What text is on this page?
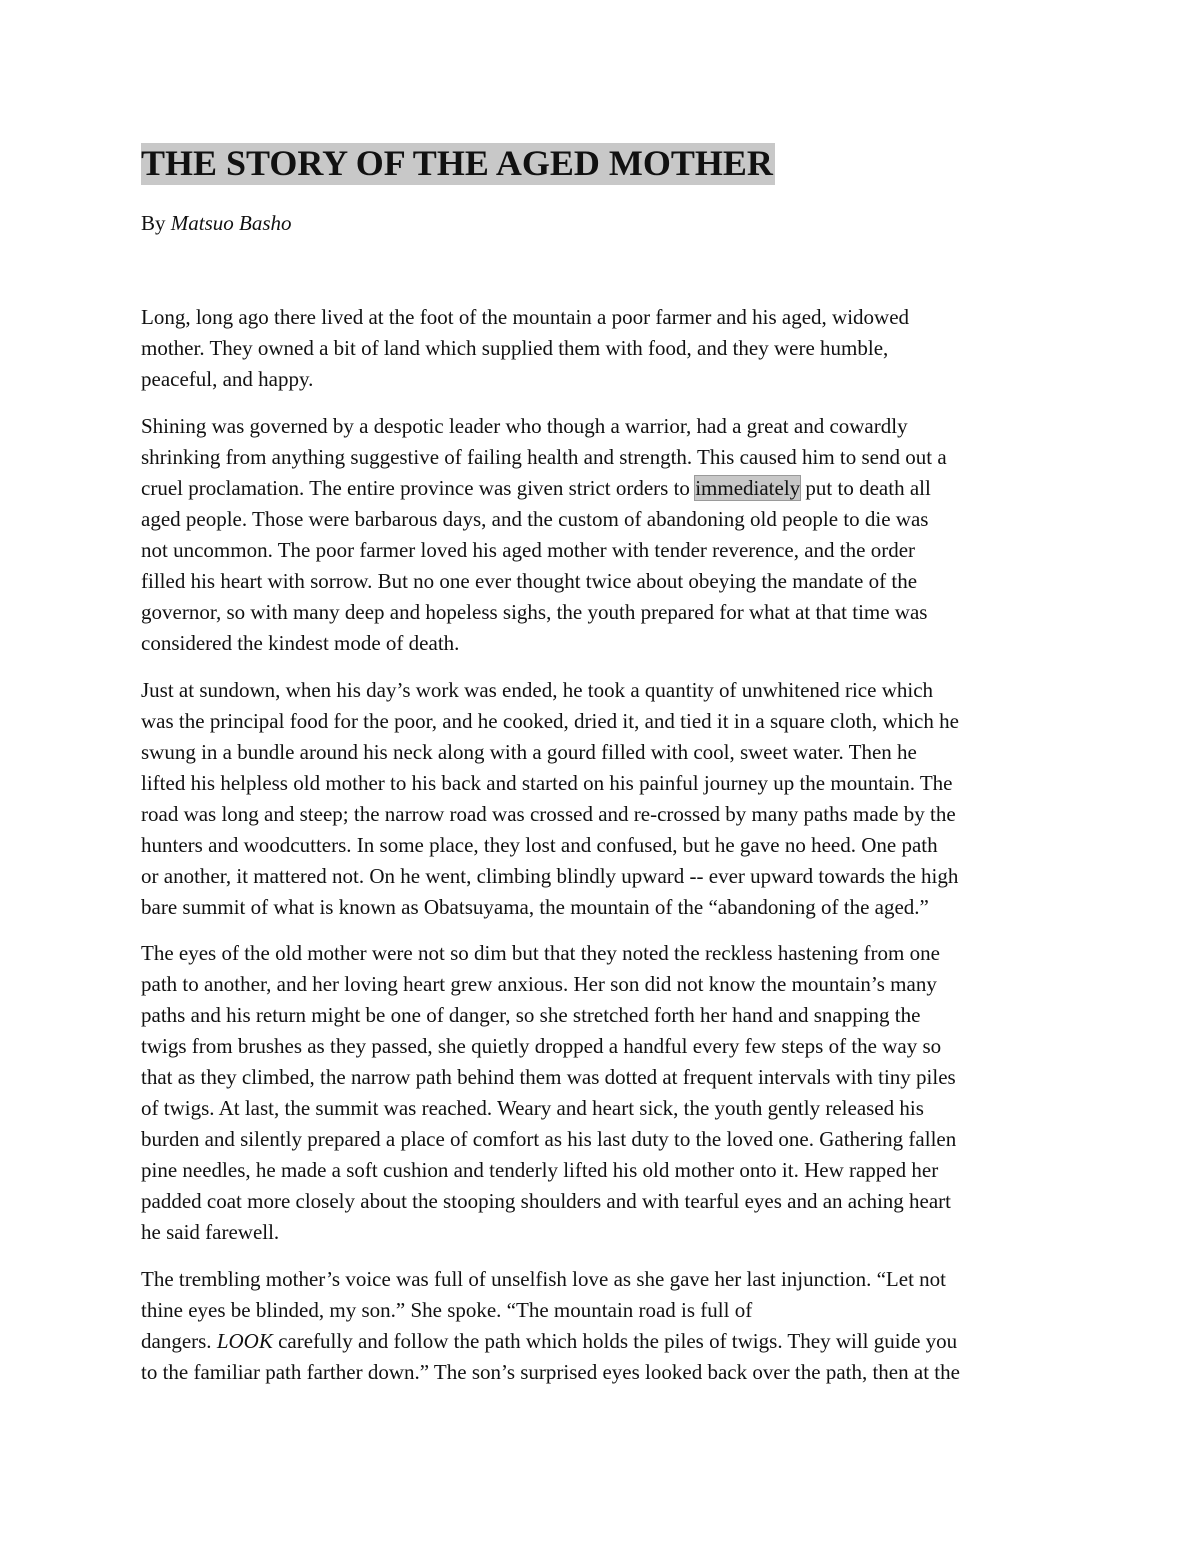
THE STORY OF THE AGED MOTHER

By Matsuo Basho

Long, long ago there lived at the foot of the mountain a poor farmer and his aged, widowed
mother. They owned a bit of land which supplied them with food, and they were humble,
peaceful, and happy.

Shining was governed by a despotic leader who though a warrior, had a great and cowardly
shrinking from anything suggestive of failing health and strength. This caused him to send out a
cruel proclamation. The entire province was given strict orders to immediately put to death all
aged people. Those were barbarous days, and the custom of abandoning old people to die was
not uncommon. The poor farmer loved his aged mother with tender reverence, and the order
filled his heart with sorrow. But no one ever thought twice about obeying the mandate of the
governor, so with many deep and hopeless sighs, the youth prepared for what at that time was
considered the kindest mode of death.

Just at sundown, when his day’s work was ended, he took a quantity of unwhitened rice which
was the principal food for the poor, and he cooked, dried it, and tied it in a square cloth, which he
swung in a bundle around his neck along with a gourd filled with cool, sweet water. Then he
lifted his helpless old mother to his back and started on his painful journey up the mountain. The
road was long and steep; the narrow road was crossed and re-crossed by many paths made by the
hunters and woodcutters. In some place, they lost and confused, but he gave no heed. One path
or another, it mattered not. On he went, climbing blindly upward -- ever upward towards the high
bare summit of what is known as Obatsuyama, the mountain of the “abandoning of the aged.”

The eyes of the old mother were not so dim but that they noted the reckless hastening from one
path to another, and her loving heart grew anxious. Her son did not know the mountain’s many
paths and his return might be one of danger, so she stretched forth her hand and snapping the
twigs from brushes as they passed, she quietly dropped a handful every few steps of the way so
that as they climbed, the narrow path behind them was dotted at frequent intervals with tiny piles
of twigs. At last, the summit was reached. Weary and heart sick, the youth gently released his
burden and silently prepared a place of comfort as his last duty to the loved one. Gathering fallen
pine needles, he made a soft cushion and tenderly lifted his old mother onto it. Hew rapped her
padded coat more closely about the stooping shoulders and with tearful eyes and an aching heart
he said farewell.

The trembling mother’s voice was full of unselfish love as she gave her last injunction. “Let not
thine eyes be blinded, my son.” She spoke. “The mountain road is full of
dangers. LOOK carefully and follow the path which holds the piles of twigs. They will guide you
to the familiar path farther down.” The son’s surprised eyes looked back over the path, then at the
